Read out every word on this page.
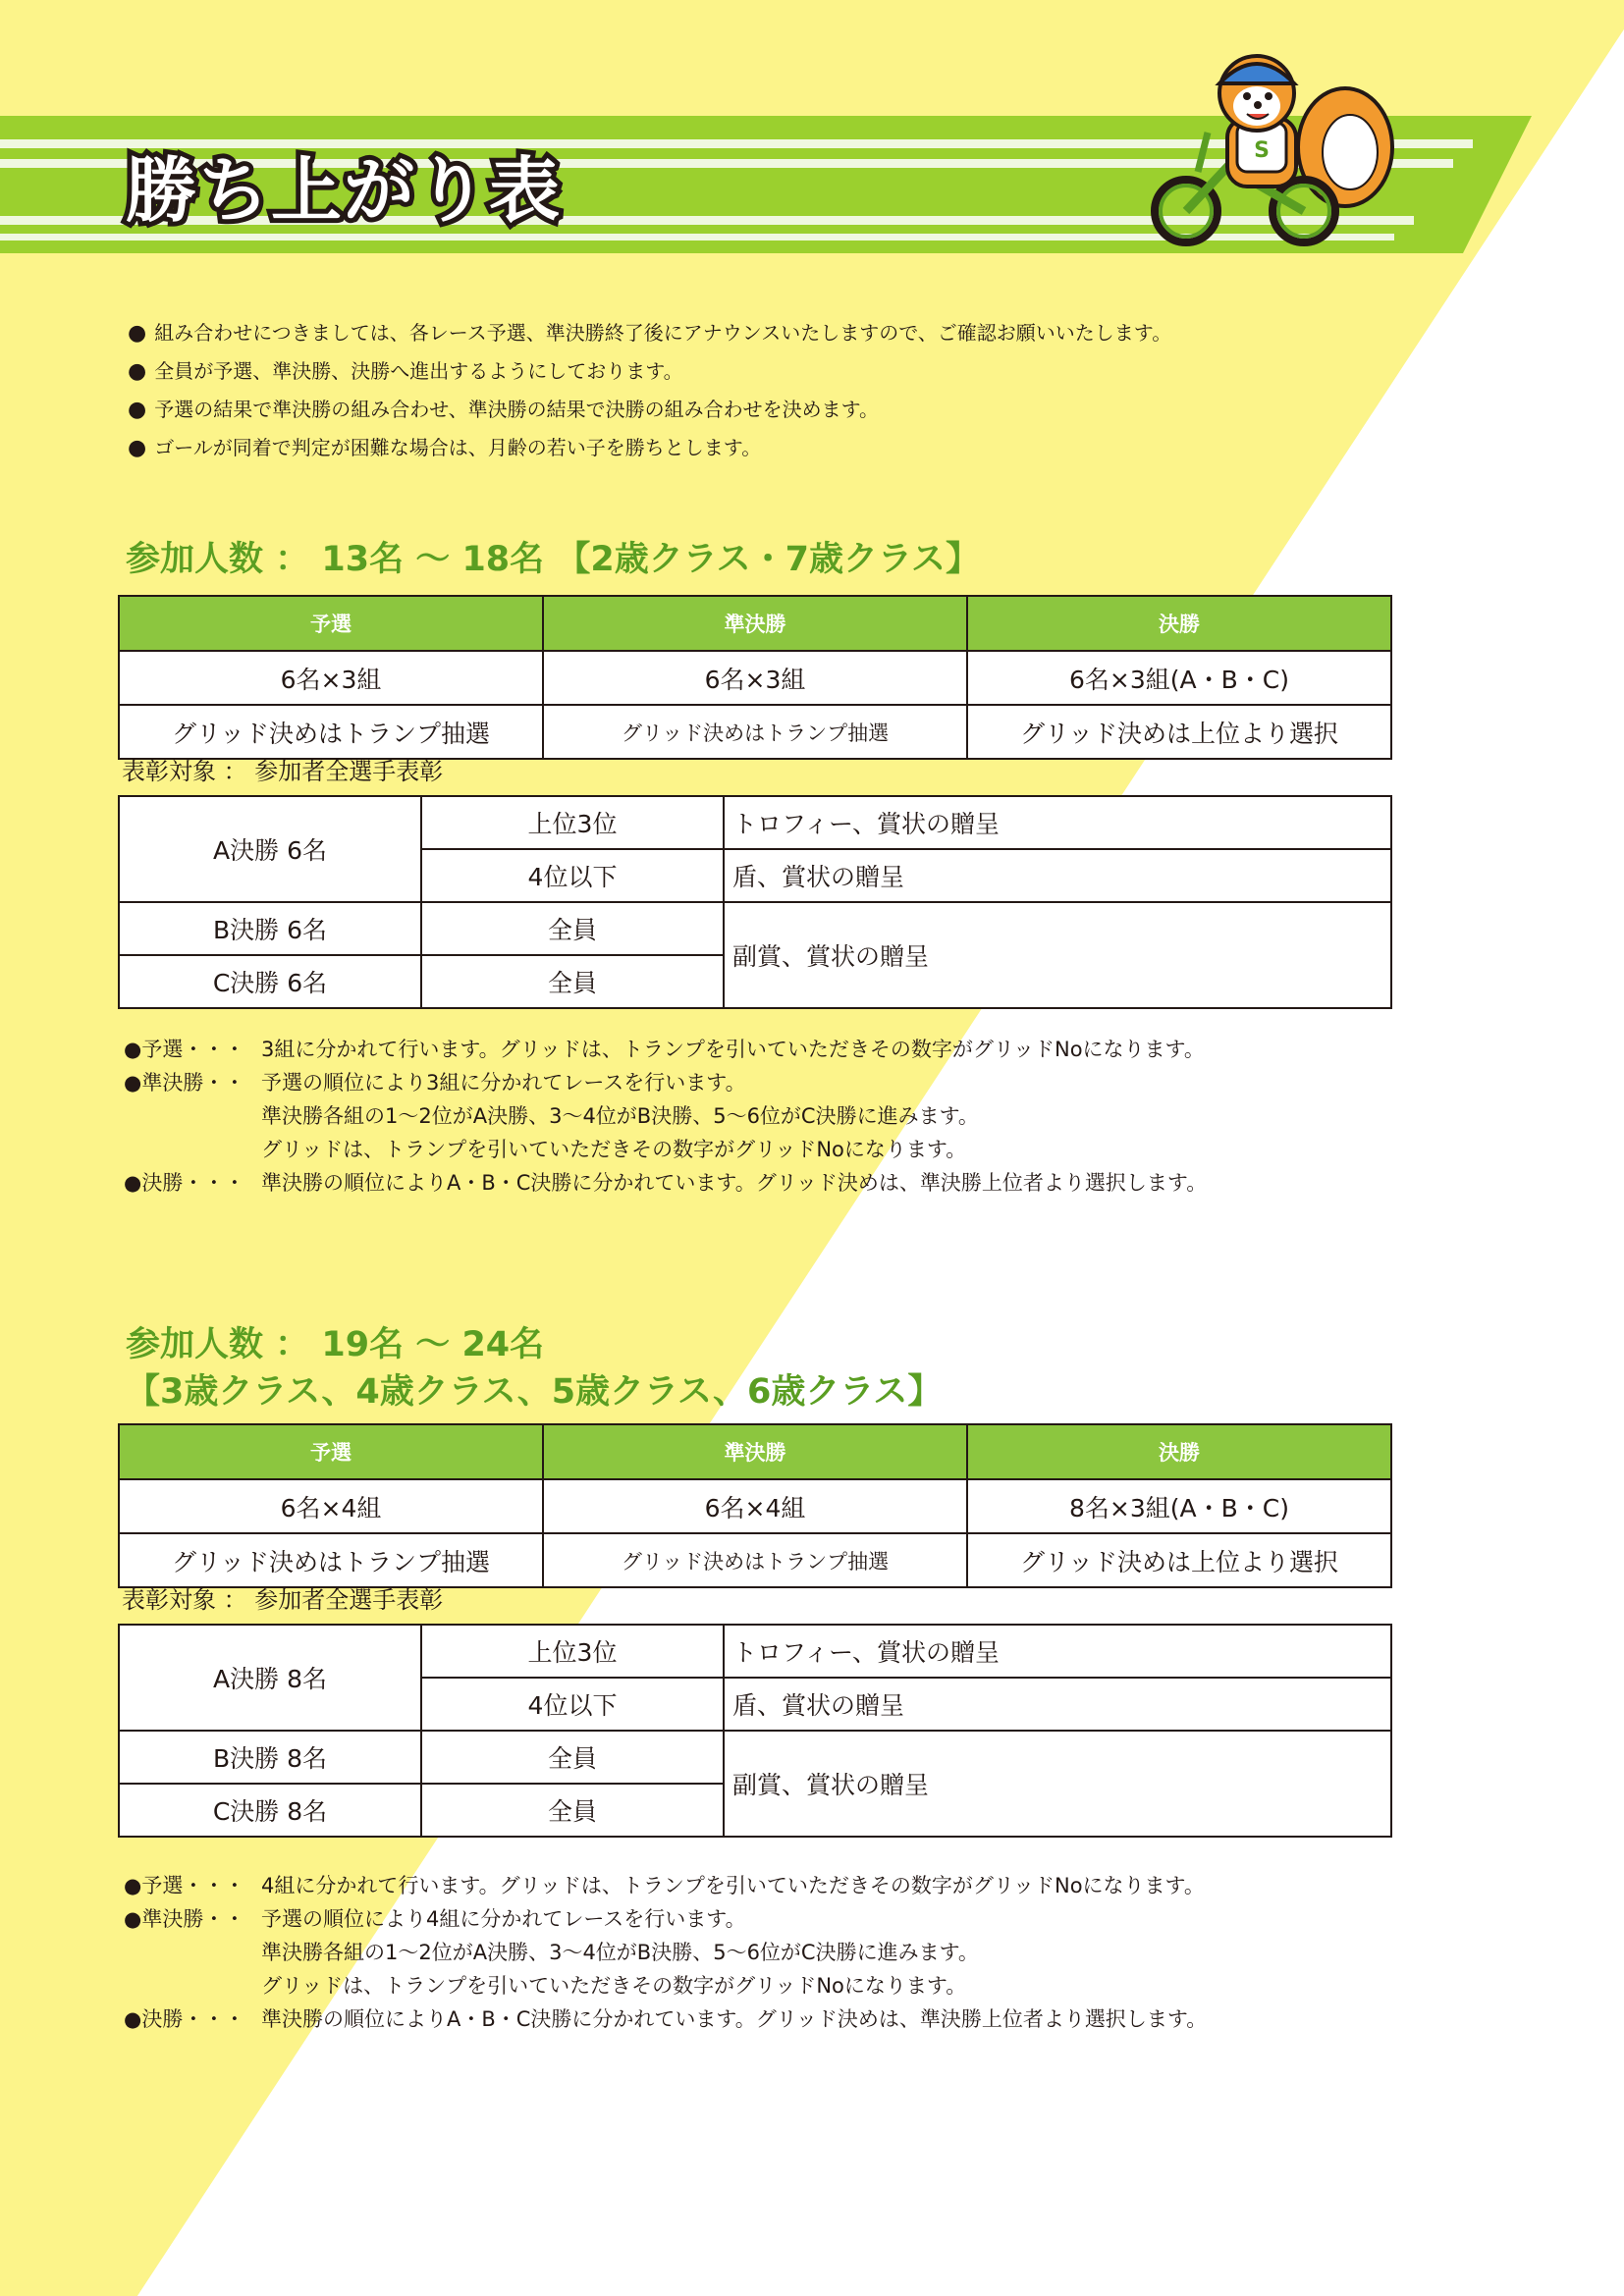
勝ち上がり表	S
● 組み合わせにつきましては、各レース予選、準決勝終了後にアナウンスいたしますので、ご確認お願いいたします。
● 全員が予選、準決勝、決勝へ進出するようにしております。
● 予選の結果で準決勝の組み合わせ、準決勝の結果で決勝の組み合わせを決めます。
● ゴールが同着で判定が困難な場合は、月齢の若い子を勝ちとします。
参加人数 ： 13名 ～ 18名 【2歳クラス・7歳クラス】
予選	準決勝	決勝
6名×3組	6名×3組	6名×3組(A・B・C)
グリッド決めはトランプ抽選	グリッド決めはトランプ抽選	グリッド決めは上位より選択
表彰対象 ： 参加者全選手表彰
A決勝 6名	上位3位	トロフィー、賞状の贈呈
	4位以下	盾、賞状の贈呈
B決勝 6名	全員	副賞、賞状の贈呈
C決勝 6名	全員	
●予選・・・ 3組に分かれて行います。グリッドは、トランプを引いていただきその数字がグリッドNoになります。
●準決勝・・ 予選の順位により3組に分かれてレースを行います。
準決勝各組の1～2位がA決勝、3～4位がB決勝、5～6位がC決勝に進みます。
グリッドは、トランプを引いていただきその数字がグリッドNoになります。
●決勝・・・ 準決勝の順位によりA・B・C決勝に分かれています。グリッド決めは、準決勝上位者より選択します。
参加人数 ： 19名 ～ 24名
【3歳クラス、4歳クラス、5歳クラス、6歳クラス】
予選	準決勝	決勝
6名×4組	6名×4組	8名×3組(A・B・C)
グリッド決めはトランプ抽選	グリッド決めはトランプ抽選	グリッド決めは上位より選択
表彰対象 ： 参加者全選手表彰
A決勝 8名	上位3位	トロフィー、賞状の贈呈
	4位以下	盾、賞状の贈呈
B決勝 8名	全員	副賞、賞状の贈呈
C決勝 8名	全員	
●予選・・・ 4組に分かれて行います。グリッドは、トランプを引いていただきその数字がグリッドNoになります。
●準決勝・・ 予選の順位により4組に分かれてレースを行います。
準決勝各組の1～2位がA決勝、3～4位がB決勝、5～6位がC決勝に進みます。
グリッドは、トランプを引いていただきその数字がグリッドNoになります。
●決勝・・・ 準決勝の順位によりA・B・C決勝に分かれています。グリッド決めは、準決勝上位者より選択します。
